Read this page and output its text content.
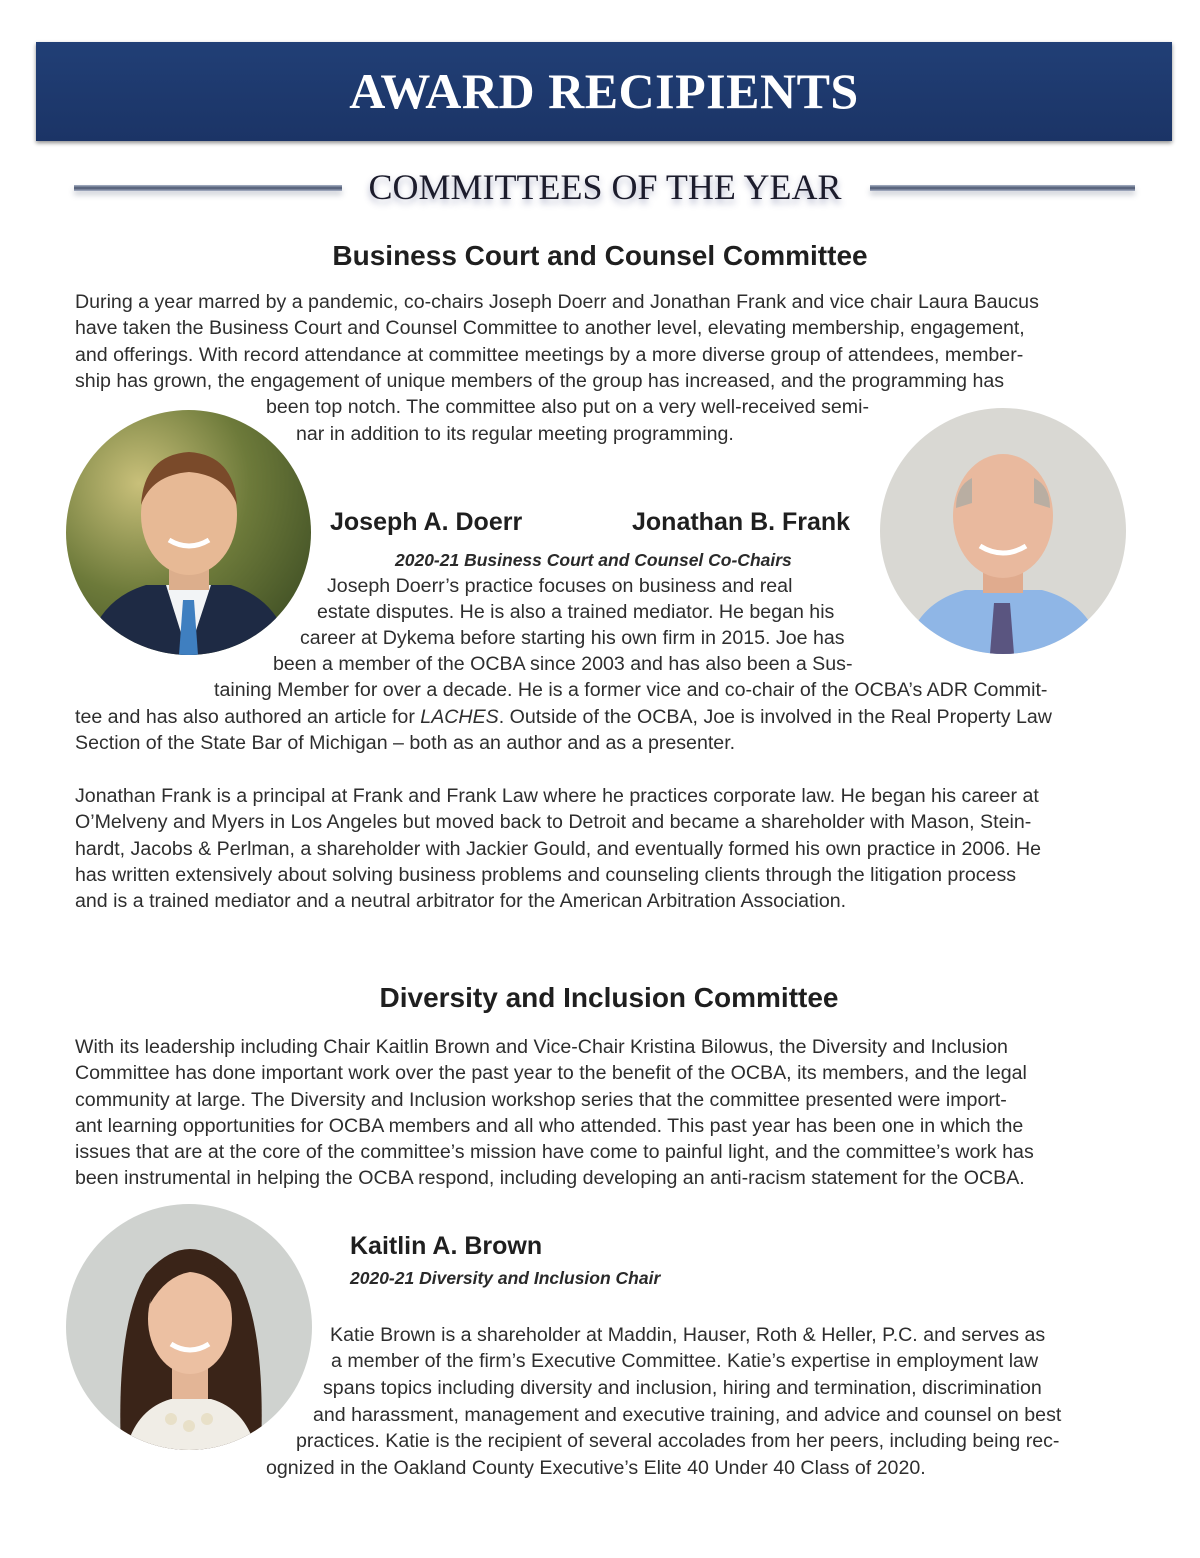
AWARD RECIPIENTS
COMMITTEES OF THE YEAR
Business Court and Counsel Committee
During a year marred by a pandemic, co-chairs Joseph Doerr and Jonathan Frank and vice chair Laura Baucus
have taken the Business Court and Counsel Committee to another level, elevating membership, engagement,
and offerings. With record attendance at committee meetings by a more diverse group of attendees, member-
ship has grown, the engagement of unique members of the group has increased, and the programming has
been top notch. The committee also put on a very well-received semi-
nar in addition to its regular meeting programming.
Joseph A. Doerr	Jonathan B. Frank
2020-21 Business Court and Counsel Co-Chairs
Joseph Doerr’s practice focuses on business and real
estate disputes. He is also a trained mediator. He began his
career at Dykema before starting his own firm in 2015. Joe has
been a member of the OCBA since 2003 and has also been a Sus-
taining Member for over a decade. He is a former vice and co-chair of the OCBA’s ADR Commit-
tee and has also authored an article for LACHES. Outside of the OCBA, Joe is involved in the Real Property Law
Section of the State Bar of Michigan – both as an author and as a presenter.
Jonathan Frank is a principal at Frank and Frank Law where he practices corporate law. He began his career at
O’Melveny and Myers in Los Angeles but moved back to Detroit and became a shareholder with Mason, Stein-
hardt, Jacobs & Perlman, a shareholder with Jackier Gould, and eventually formed his own practice in 2006. He
has written extensively about solving business problems and counseling clients through the litigation process
and is a trained mediator and a neutral arbitrator for the American Arbitration Association.
Diversity and Inclusion Committee
With its leadership including Chair Kaitlin Brown and Vice-Chair Kristina Bilowus, the Diversity and Inclusion
Committee has done important work over the past year to the benefit of the OCBA, its members, and the legal
community at large. The Diversity and Inclusion workshop series that the committee presented were import-
ant learning opportunities for OCBA members and all who attended. This past year has been one in which the
issues that are at the core of the committee’s mission have come to painful light, and the committee’s work has
been instrumental in helping the OCBA respond, including developing an anti-racism statement for the OCBA.
Kaitlin A. Brown
2020-21 Diversity and Inclusion Chair
Katie Brown is a shareholder at Maddin, Hauser, Roth & Heller, P.C. and serves as
a member of the firm’s Executive Committee. Katie’s expertise in employment law
spans topics including diversity and inclusion, hiring and termination, discrimination
and harassment, management and executive training, and advice and counsel on best
practices. Katie is the recipient of several accolades from her peers, including being rec-
ognized in the Oakland County Executive’s Elite 40 Under 40 Class of 2020.
